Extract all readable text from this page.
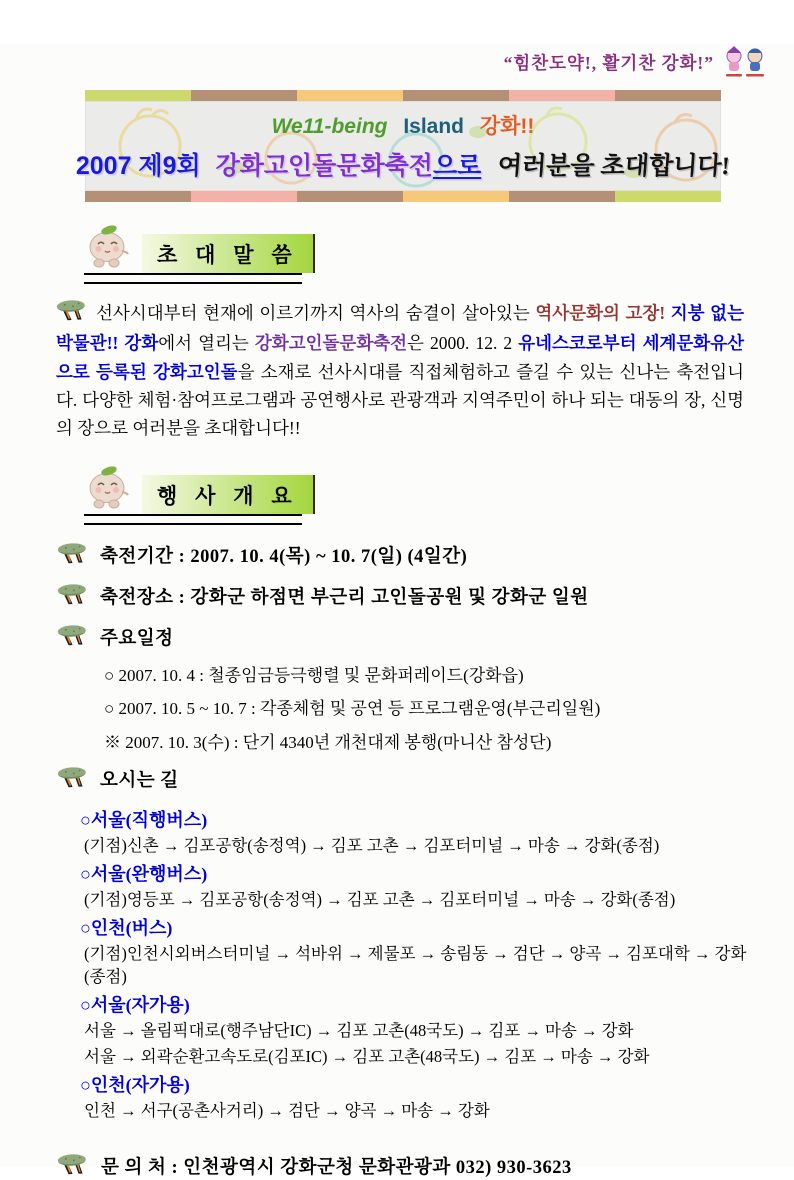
“힘찬도약!, 활기찬 강화!”
We11-being Island 강화!!
2007 제9회 강화고인돌문화축전으로 여러분을 초대합니다!
초 대 말 씀

선사시대부터 현재에 이르기까지 역사의 숨결이 살아있는 역사문화의 고장! 지붕 없는 박물관!! 강화에서 열리는 강화고인돌문화축전은 2000. 12. 2 유네스코로부터 세계문화유산으로 등록된 강화고인돌을 소재로 선사시대를 직접체험하고 즐길 수 있는 신나는 축전입니다. 다양한 체험·참여프로그램과 공연행사로 관광객과 지역주민이 하나 되는 대동의 장, 신명의 장으로 여러분을 초대합니다!!

행 사 개 요
축전기간 : 2007. 10. 4(목) ~ 10. 7(일) (4일간)
축전장소 : 강화군 하점면 부근리 고인돌공원 및 강화군 일원
주요일정
○ 2007. 10. 4 : 철종임금등극행렬 및 문화퍼레이드(강화읍)
○ 2007. 10. 5 ~ 10. 7 : 각종체험 및 공연 등 프로그램운영(부근리일원)
※ 2007. 10. 3(수) : 단기 4340년 개천대제 봉행(마니산 참성단)
오시는 길
○서울(직행버스)
(기점)신촌 → 김포공항(송정역) → 김포 고촌 → 김포터미널 → 마송 → 강화(종점)
○서울(완행버스)
(기점)영등포 → 김포공항(송정역) → 김포 고촌 → 김포터미널 → 마송 → 강화(종점)
○인천(버스)
(기점)인천시외버스터미널 → 석바위 → 제물포 → 송림동 → 검단 → 양곡 → 김포대학 → 강화(종점)
○서울(자가용)
서울 → 올림픽대로(행주남단IC) → 김포 고촌(48국도) → 김포 → 마송 → 강화
서울 → 외곽순환고속도로(김포IC) → 김포 고촌(48국도) → 김포 → 마송 → 강화
○인천(자가용)
인천 → 서구(공촌사거리) → 검단 → 양곡 → 마송 → 강화
문 의 처 : 인천광역시 강화군청 문화관광과 032) 930-3623
